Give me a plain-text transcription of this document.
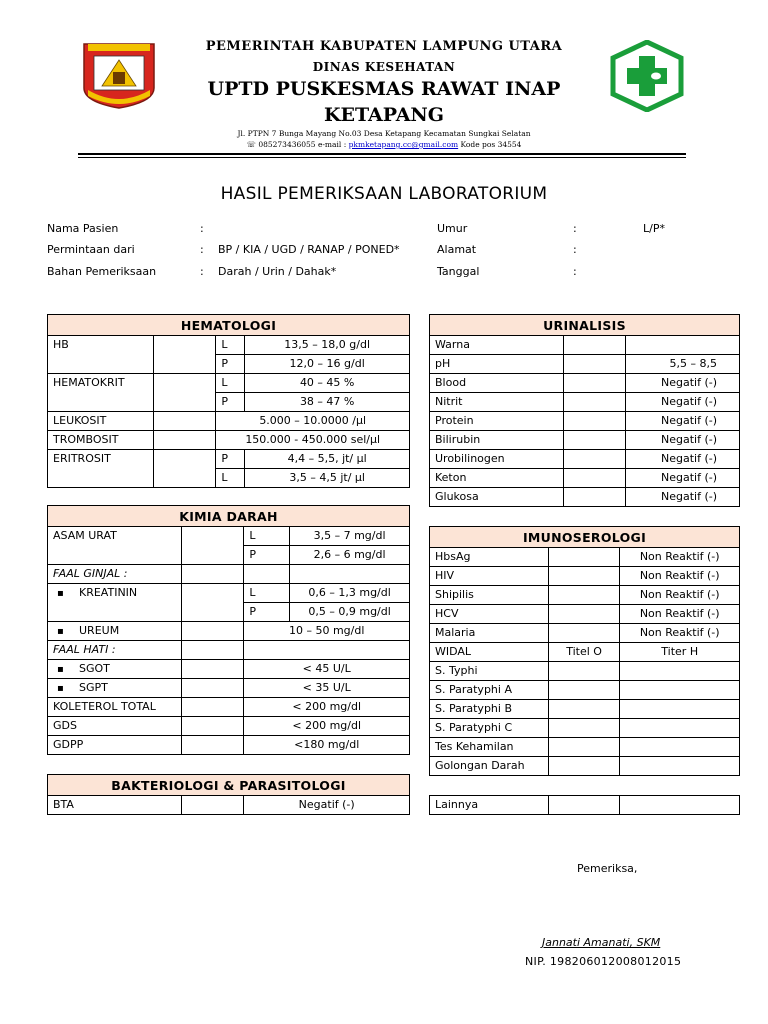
PEMERINTAH KABUPATEN LAMPUNG UTARA
DINAS KESEHATAN
UPTD PUSKESMAS RAWAT INAP
KETAPANG
Jl. PTPN 7 Bunga Mayang No.03 Desa Ketapang Kecamatan Sungkai Selatan
☏ 085273436055 e-mail : pkmketapang.cc@gmail.com Kode pos 34554
HASIL PEMERIKSAAN LABORATORIUM
Nama Pasien	:
Permintaan dari	: BP / KIA / UGD / RANAP / PONED*
Bahan Pemeriksaan	: Darah / Urin / Dahak*
Umur	:	L/P*
Alamat	:
Tanggal	:
HEMATOLOGI			
HB		L	13,5 – 18,0 g/dl
		P	12,0 – 16 g/dl
HEMATOKRIT		L	40 – 45 %
		P	38 – 47 %
LEUKOSIT		5.000 – 10.0000 /µl	
TROMBOSIT		150.000 - 450.000 sel/µl	
ERITROSIT		P	4,4 – 5,5, jt/ µl
		L	3,5 – 4,5 jt/ µl
KIMIA DARAH			
ASAM URAT		L	3,5 – 7 mg/dl
		P	2,6 – 6 mg/dl
FAAL GINJAL :			
▪ KREATININ		L	0,6 – 1,3 mg/dl
		P	0,5 – 0,9 mg/dl
▪ UREUM		10 – 50 mg/dl	
FAAL HATI :			
▪ SGOT		< 45 U/L	
▪ SGPT		< 35 U/L	
KOLETEROL TOTAL		< 200 mg/dl	
GDS		< 200 mg/dl	
GDPP		<180 mg/dl	
BAKTERIOLOGI & PARASITOLOGI
BTA		Negatif (-)
URINALISIS		
Warna		
pH		5,5 – 8,5
Blood		Negatif (-)
Nitrit		Negatif (-)
Protein		Negatif (-)
Bilirubin		Negatif (-)
Urobilinogen		Negatif (-)
Keton		Negatif (-)
Glukosa		Negatif (-)
IMUNOSEROLOGI		
HbsAg		Non Reaktif (-)
HIV		Non Reaktif (-)
Shipilis		Non Reaktif (-)
HCV		Non Reaktif (-)
Malaria		Non Reaktif (-)
WIDAL	Titel O	Titer H
S. Typhi		
S. Paratyphi A		
S. Paratyphi B		
S. Paratyphi C		
Tes Kehamilan		
Golongan Darah		
Lainnya		
Pemeriksa,
Jannati Amanati, SKM
NIP. 198206012008012015
